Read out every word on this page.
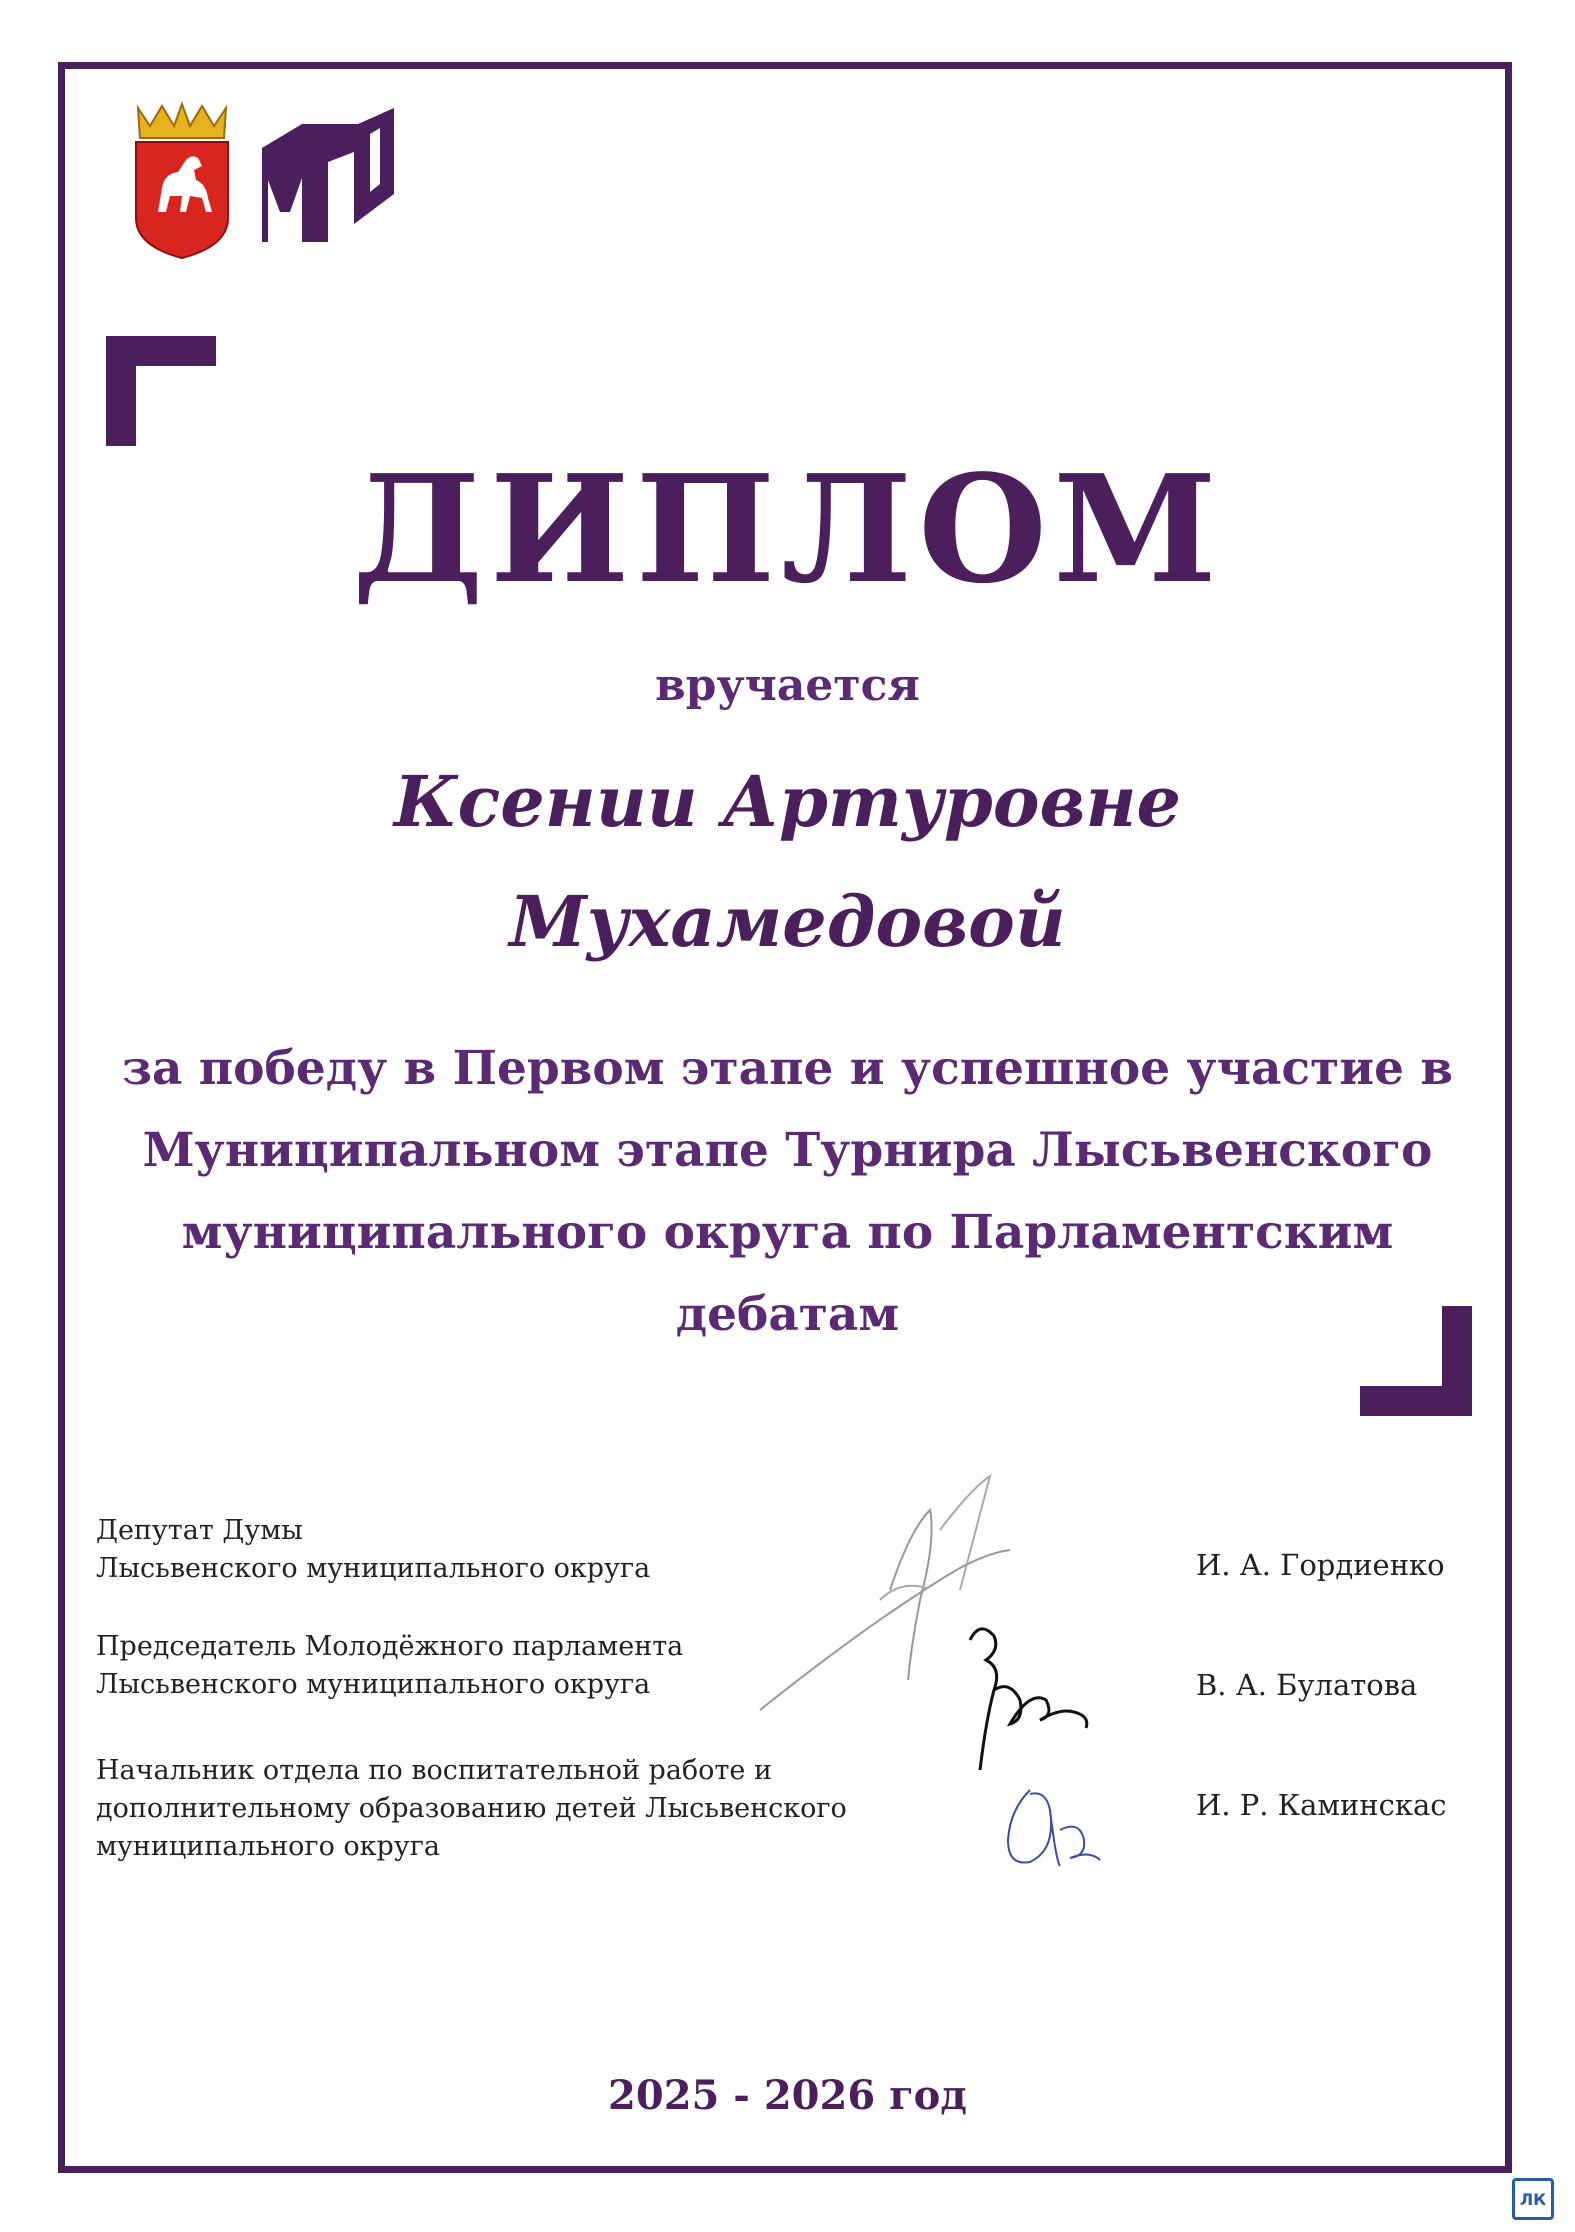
ДИПЛОМ
вручается
Ксении Артуровне
Мухамедовой
за победу в Первом этапе и успешное участие в Муниципальном этапе Турнира Лысьвенского муниципального округа по Парламентским дебатам
Депутат Думы
Лысьвенского муниципального округа	И. А. Гордиенко
Председатель Молодёжного парламента
Лысьвенского муниципального округа	В. А. Булатова
Начальник отдела по воспитательной работе и
дополнительному образованию детей Лысьвенского
муниципального округа
И. Р. Каминскас
2025 - 2026 год
ЛК
